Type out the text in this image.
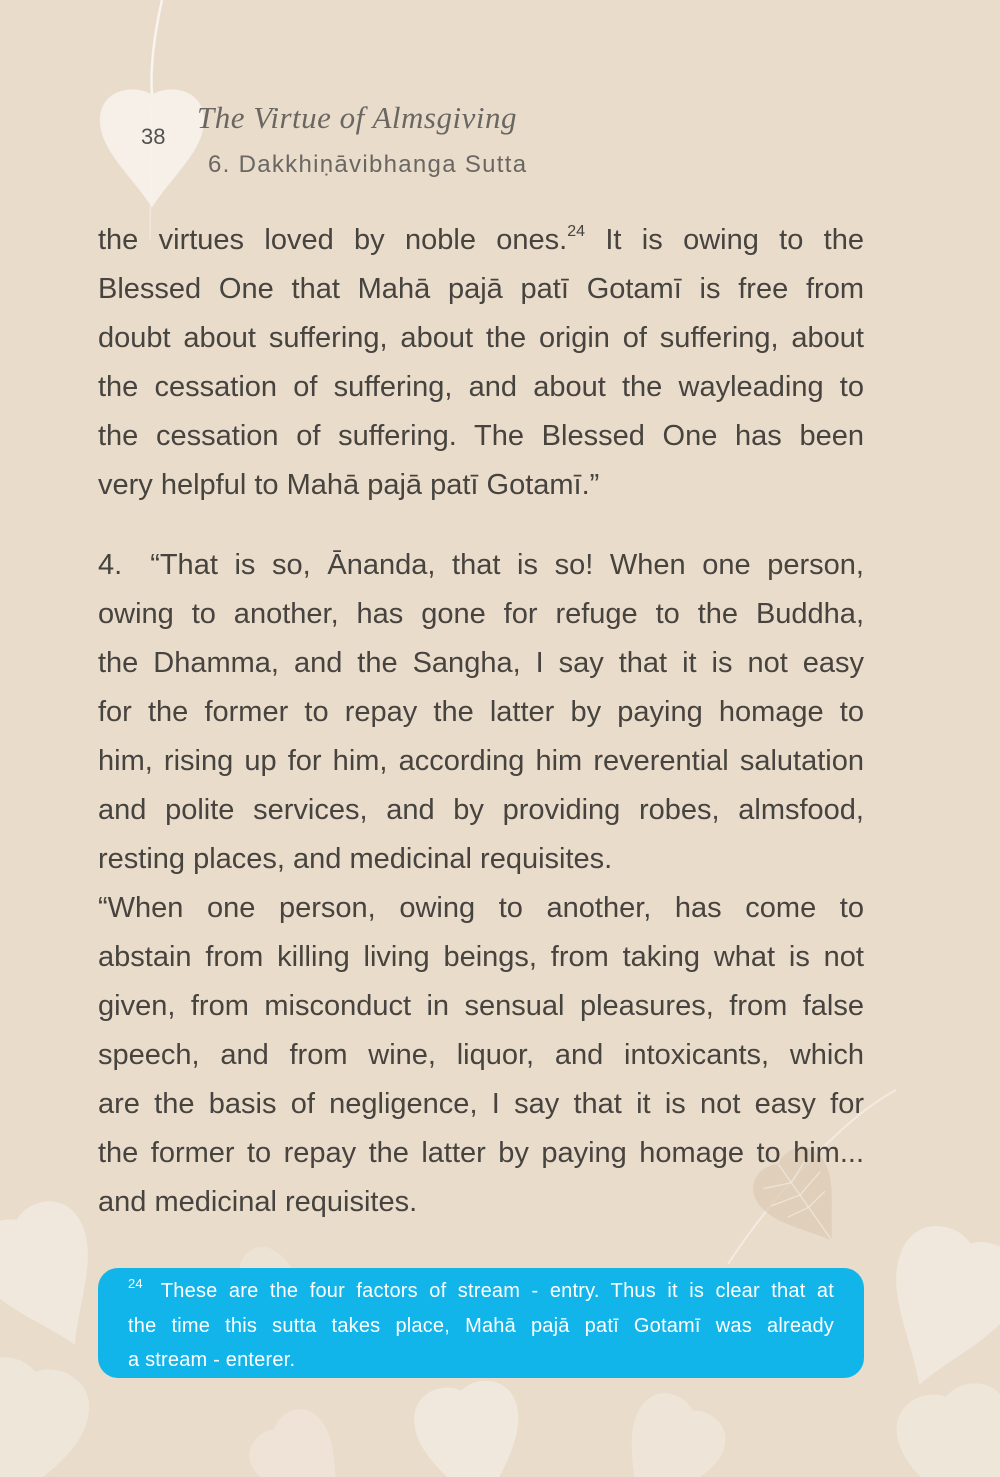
38
The Virtue of Almsgiving
6. Dakkhiṇāvibhanga Sutta
the virtues loved by noble ones.$^{24}$ It is owing to the
Blessed One that Mahā pajā patī Gotamī is free from
doubt about suffering, about the origin of suffering, about
the cessation of suffering, and about the wayleading to
the cessation of suffering. The Blessed One has been
very helpful to Mahā pajā patī Gotamī.”
4. “That is so, Ānanda, that is so! When one person,
owing to another, has gone for refuge to the Buddha,
the Dhamma, and the Sangha, I say that it is not easy
for the former to repay the latter by paying homage to
him, rising up for him, according him reverential salutation
and polite services, and by providing robes, almsfood,
resting places, and medicinal requisites.
“When one person, owing to another, has come to
abstain from killing living beings, from taking what is not
given, from misconduct in sensual pleasures, from false
speech, and from wine, liquor, and intoxicants, which
are the basis of negligence, I say that it is not easy for
the former to repay the latter by paying homage to him...
and medicinal requisites.
24 These are the four factors of stream - entry. Thus it is clear that at
the time this sutta takes place, Mahā pajā patī Gotamī was already
a stream - enterer.
